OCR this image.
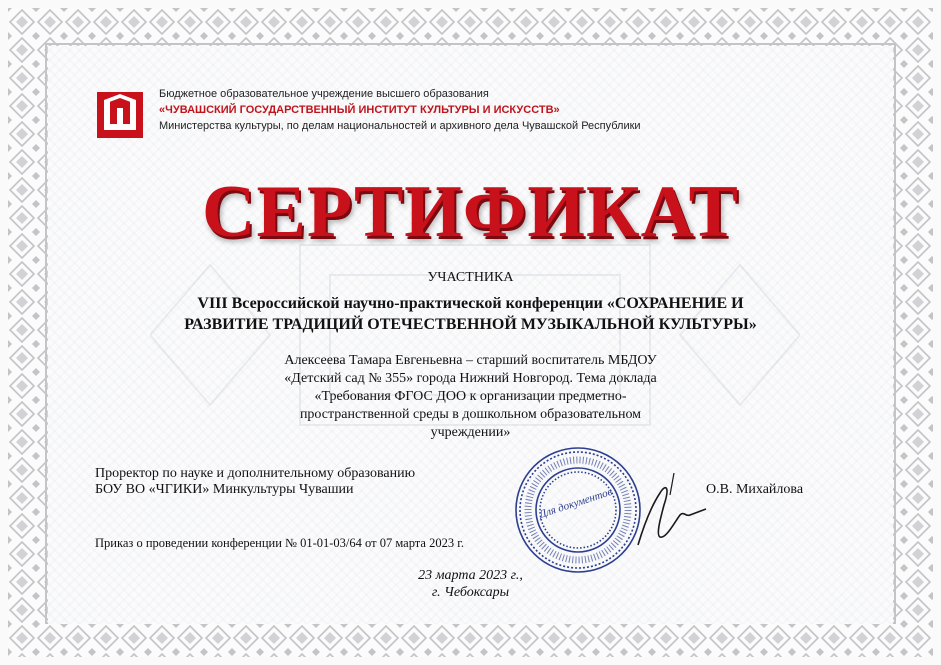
Бюджетное образовательное учреждение высшего образования
«ЧУВАШСКИЙ ГОСУДАРСТВЕННЫЙ ИНСТИТУТ КУЛЬТУРЫ И ИСКУССТВ»
Министерства культуры, по делам национальностей и архивного дела Чувашской Республики
СЕРТИФИКАТ
УЧАСТНИКА
VIII Всероссийской научно-практической конференции «СОХРАНЕНИЕ И
РАЗВИТИЕ ТРАДИЦИЙ ОТЕЧЕСТВЕННОЙ МУЗЫКАЛЬНОЙ КУЛЬТУРЫ»
Алексеева Тамара Евгеньевна – старший воспитатель МБДОУ
«Детский сад № 355» города Нижний Новгород. Тема доклада
«Требования ФГОС ДОО к организации предметно-
пространственной среды в дошкольном образовательном
учреждении»
Проректор по науке и дополнительному образованию
БОУ ВО «ЧГИКИ» Минкультуры Чувашии	Для документов	О.В. Михайлова
Приказ о проведении конференции № 01-01-03/64 от 07 марта 2023 г.
23 марта 2023 г.,
г. Чебоксары
